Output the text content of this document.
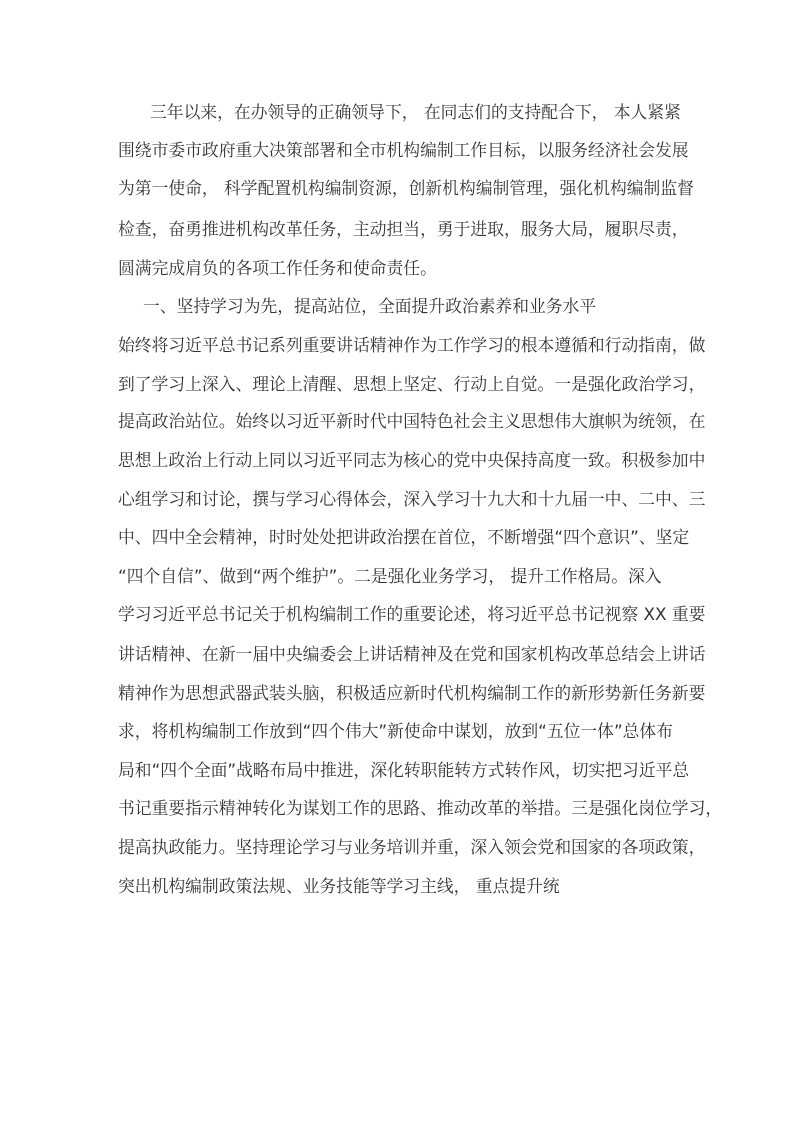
三年以来，在办领导的正确领导下， 在同志们的支持配合下， 本人紧紧
围绕市委市政府重大决策部署和全市机构编制工作目标，以服务经济社会发展
为第一使命， 科学配置机构编制资源，创新机构编制管理，强化机构编制监督
检查，奋勇推进机构改革任务，主动担当，勇于进取，服务大局，履职尽责，
圆满完成肩负的各项工作任务和使命责任。
一、坚持学习为先，提高站位，全面提升政治素养和业务水平
始终将习近平总书记系列重要讲话精神作为工作学习的根本遵循和行动指南，做
到了学习上深入、理论上清醒、思想上坚定、行动上自觉。一是强化政治学习，
提高政治站位。始终以习近平新时代中国特色社会主义思想伟大旗帜为统领，在
思想上政治上行动上同以习近平同志为核心的党中央保持高度一致。积极参加中
心组学习和讨论，撰与学习心得体会，深入学习十九大和十九届一中、二中、三
中、四中全会精神，时时处处把讲政治摆在首位，不断增强“四个意识”、坚定
“四个自信”、做到“两个维护”。二是强化业务学习， 提升工作格局。深入
学习习近平总书记关于机构编制工作的重要论述，将习近平总书记视察 XX 重要
讲话精神、在新一届中央编委会上讲话精神及在党和国家机构改革总结会上讲话
精神作为思想武器武装头脑，积极适应新时代机构编制工作的新形势新任务新要
求，将机构编制工作放到“四个伟大”新使命中谋划，放到“五位一体”总体布
局和“四个全面”战略布局中推进，深化转职能转方式转作风，切实把习近平总
书记重要指示精神转化为谋划工作的思路、推动改革的举措。三是强化岗位学习，
提高执政能力。坚持理论学习与业务培训并重，深入领会党和国家的各项政策，
突出机构编制政策法规、业务技能等学习主线， 重点提升统
